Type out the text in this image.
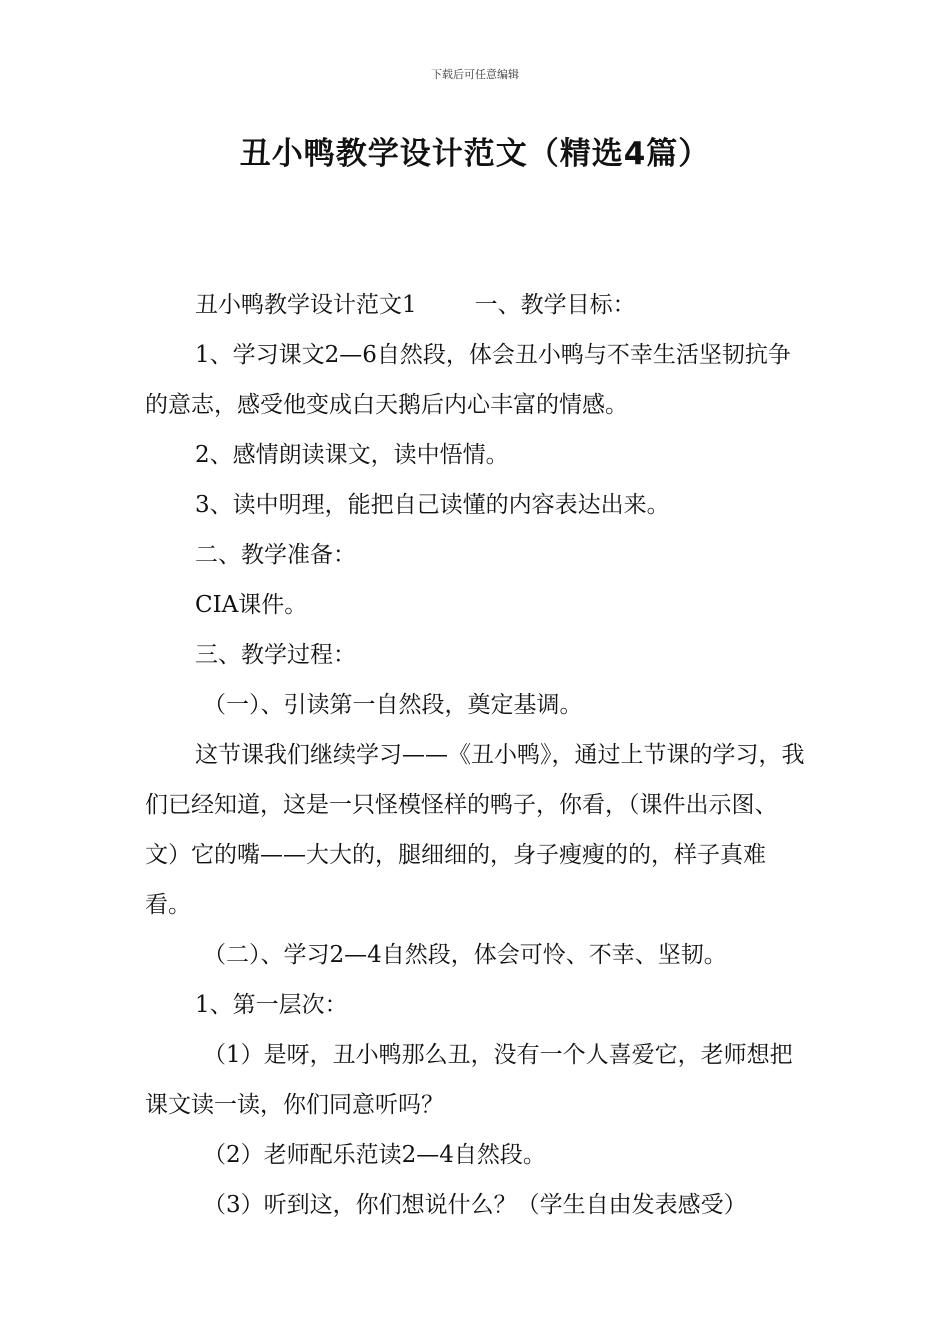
下载后可任意编辑
丑小鸭教学设计范文（精选4篇）

丑小鸭教学设计范文1	一、教学目标：

1、学习课文2—6自然段，体会丑小鸭与不幸生活坚韧抗争的意志，感受他变成白天鹅后内心丰富的情感。

2、感情朗读课文，读中悟情。

3、读中明理，能把自己读懂的内容表达出来。

二、教学准备：

CIA课件。

三、教学过程：

（一）、引读第一自然段，奠定基调。

这节课我们继续学习——《丑小鸭》，通过上节课的学习，我们已经知道，这是一只怪模怪样的鸭子，你看，（课件出示图、文）它的嘴——大大的，腿细细的，身子瘦瘦的的，样子真难看。

（二）、学习2—4自然段，体会可怜、不幸、坚韧。

1、第一层次：

（1）是呀，丑小鸭那么丑，没有一个人喜爱它，老师想把课文读一读，你们同意听吗？

（2）老师配乐范读2—4自然段。

（3）听到这，你们想说什么？（学生自由发表感受）
